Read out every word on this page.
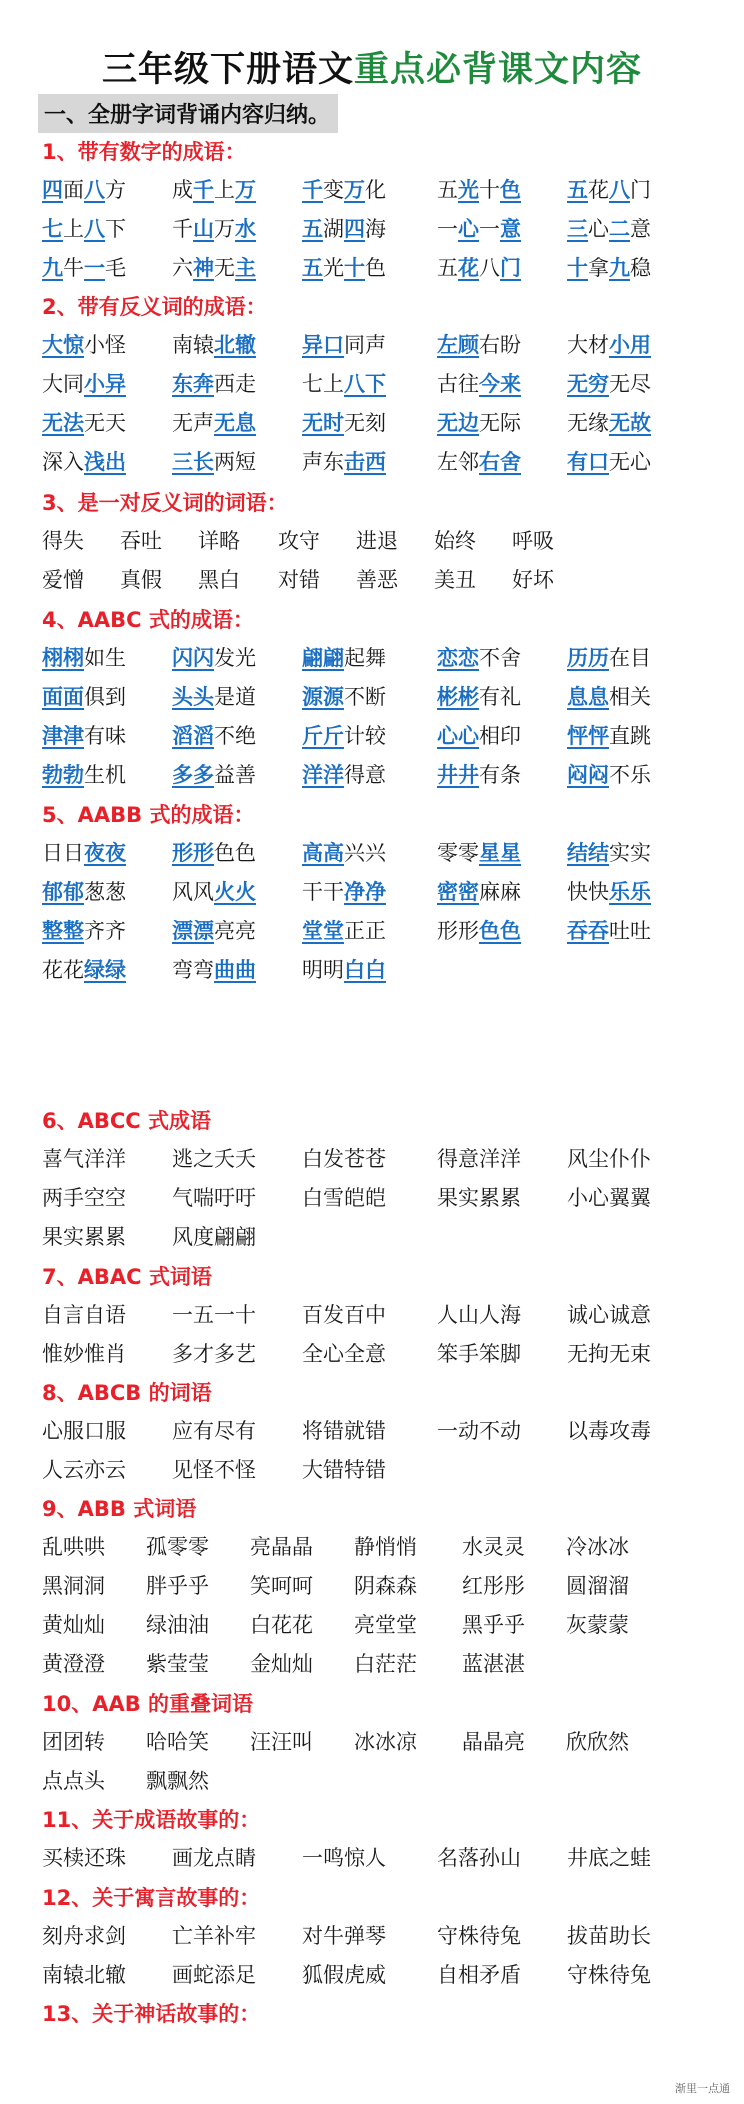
三年级下册语文重点必背课文内容
一、全册字词背诵内容归纳。
1、带有数字的成语：
四面八方 成千上万 千变万化 五光十色 五花八门
七上八下 千山万水 五湖四海 一心一意 三心二意
九牛一毛 六神无主 五光十色 五花八门 十拿九稳
2、带有反义词的成语：
大惊小怪 南辕北辙 异口同声 左顾右盼 大材小用
大同小异 东奔西走 七上八下 古往今来 无穷无尽
无法无天 无声无息 无时无刻 无边无际 无缘无故
深入浅出 三长两短 声东击西 左邻右舍 有口无心
3、是一对反义词的词语：
得失 吞吐 详略 攻守 进退 始终 呼吸
爱憎 真假 黑白 对错 善恶 美丑 好坏
4、AABC 式的成语：
栩栩如生 闪闪发光 翩翩起舞 恋恋不舍 历历在目
面面俱到 头头是道 源源不断 彬彬有礼 息息相关
津津有味 滔滔不绝 斤斤计较 心心相印 怦怦直跳
勃勃生机 多多益善 洋洋得意 井井有条 闷闷不乐
5、AABB 式的成语：
日日夜夜 形形色色 高高兴兴 零零星星 结结实实
郁郁葱葱 风风火火 干干净净 密密麻麻 快快乐乐
整整齐齐 漂漂亮亮 堂堂正正 形形色色 吞吞吐吐
花花绿绿 弯弯曲曲 明明白白
6、ABCC 式成语
喜气洋洋 逃之夭夭 白发苍苍 得意洋洋 风尘仆仆
两手空空 气喘吁吁 白雪皑皑 果实累累 小心翼翼
果实累累 风度翩翩
7、ABAC 式词语
自言自语 一五一十 百发百中 人山人海 诚心诚意
惟妙惟肖 多才多艺 全心全意 笨手笨脚 无拘无束
8、ABCB 的词语
心服口服 应有尽有 将错就错 一动不动 以毒攻毒
人云亦云 见怪不怪 大错特错
9、ABB 式词语
乱哄哄 孤零零 亮晶晶 静悄悄 水灵灵 冷冰冰
黑洞洞 胖乎乎 笑呵呵 阴森森 红彤彤 圆溜溜
黄灿灿 绿油油 白花花 亮堂堂 黑乎乎 灰蒙蒙
黄澄澄 紫莹莹 金灿灿 白茫茫 蓝湛湛
10、AAB 的重叠词语
团团转 哈哈笑 汪汪叫 冰冰凉 晶晶亮 欣欣然
点点头 飘飘然
11、关于成语故事的：
买椟还珠 画龙点睛 一鸣惊人 名落孙山 井底之蛙
12、关于寓言故事的：
刻舟求剑 亡羊补牢 对牛弹琴 守株待兔 拔苗助长
南辕北辙 画蛇添足 狐假虎威 自相矛盾 守株待兔
13、关于神话故事的：
渐里一点通
